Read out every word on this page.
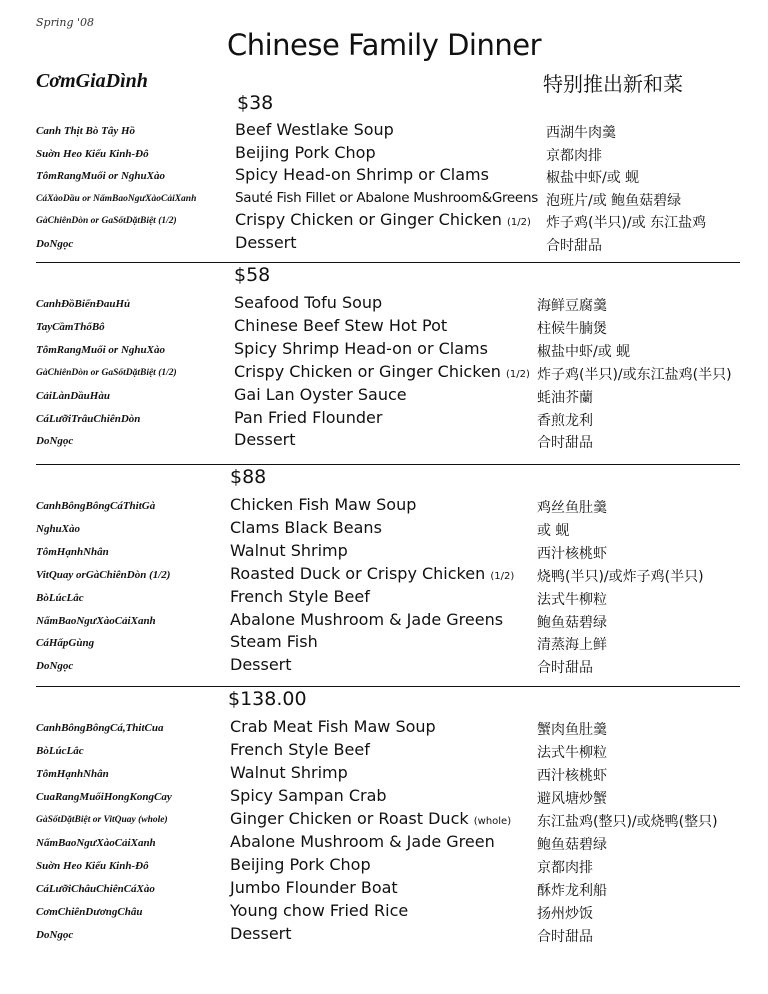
Spring '08
Chinese Family Dinner
CơmGiaDình	特别推出新和菜
$38
Canh Thịt Bò Tây Hồ	Beef Westlake Soup	西湖牛肉羹
Suờn Heo Kiểu Kinh-Đô	Beijing Pork Chop	京都肉排
TômRangMuối or NghuXào	Spicy Head-on Shrimp or Clams	椒盐中虾/或 蚬
CáXàoDầu or NấmBaoNgưXàoCảiXanh	Sauté Fish Fillet or Abalone Mushroom&Greens 泡班片/或 鲍鱼菇碧绿
GàChiênDòn or GaSốtDặtBiệt (1/2)	Crispy Chicken or Ginger Chicken (1/2) 炸子鸡(半只)/或 东江盐鸡
DoNgọc	Dessert	合时甜品
$58
CanhĐồBiểnĐauHủ	Seafood Tofu Soup	海鲜豆腐羹
TayCầmThốBô	Chinese Beef Stew Hot Pot	柱候牛腩煲
TômRangMuối or NghuXào	Spicy Shrimp Head-on or Clams	椒盐中虾/或 蚬
GàChiênDòn or GaSốtDặtBiệt (1/2)	Crispy Chicken or Ginger Chicken (1/2) 炸子鸡(半只)/或东江盐鸡(半只)
CảiLànDầuHàu	Gai Lan Oyster Sauce	蚝油芥蘭
CáLưỡiTrâuChiênDòn	Pan Fried Flounder	香煎龙利
DoNgọc	Dessert	合时甜品
$88
CanhBôngBôngCáThitGà	Chicken Fish Maw Soup	鸡丝鱼肚羹
NghuXào	Clams Black Beans	或 蚬
TômHạnhNhân	Walnut Shrimp	西汁核桃虾
VitQuay orGàChiênDòn (1/2)	Roasted Duck or Crispy Chicken (1/2) 烧鸭(半只)/或炸子鸡(半只)
BòLúcLắc	French Style Beef	法式牛柳粒
NấmBaoNgưXàoCảiXanh	Abalone Mushroom & Jade Greens 鲍鱼菇碧绿
CáHấpGùng	Steam Fish	清蒸海上鲜
DoNgọc	Dessert	合时甜品
$138.00
CanhBôngBôngCá,ThitCua	Crab Meat Fish Maw Soup	蟹肉鱼肚羹
BòLúcLắc	French Style Beef	法式牛柳粒
TômHạnhNhân	Walnut Shrimp	西汁核桃虾
CuaRangMuốiHongKongCay	Spicy Sampan Crab	避风塘炒蟹
GàSốtDặtBiệt or VitQuay (whole)	Ginger Chicken or Roast Duck (whole) 东江盐鸡(整只)/或烧鸭(整只)
NấmBaoNgưXàoCảiXanh	Abalone Mushroom & Jade Green	鲍鱼菇碧绿
Suờn Heo Kiểu Kinh-Đô	Beijing Pork Chop	京都肉排
CáLưỡiChâuChiênCáXào	Jumbo Flounder Boat	酥炸龙利船
CơmChiênDươngChâu	Young chow Fried Rice	扬州炒饭
DoNgọc	Dessert	合时甜品
